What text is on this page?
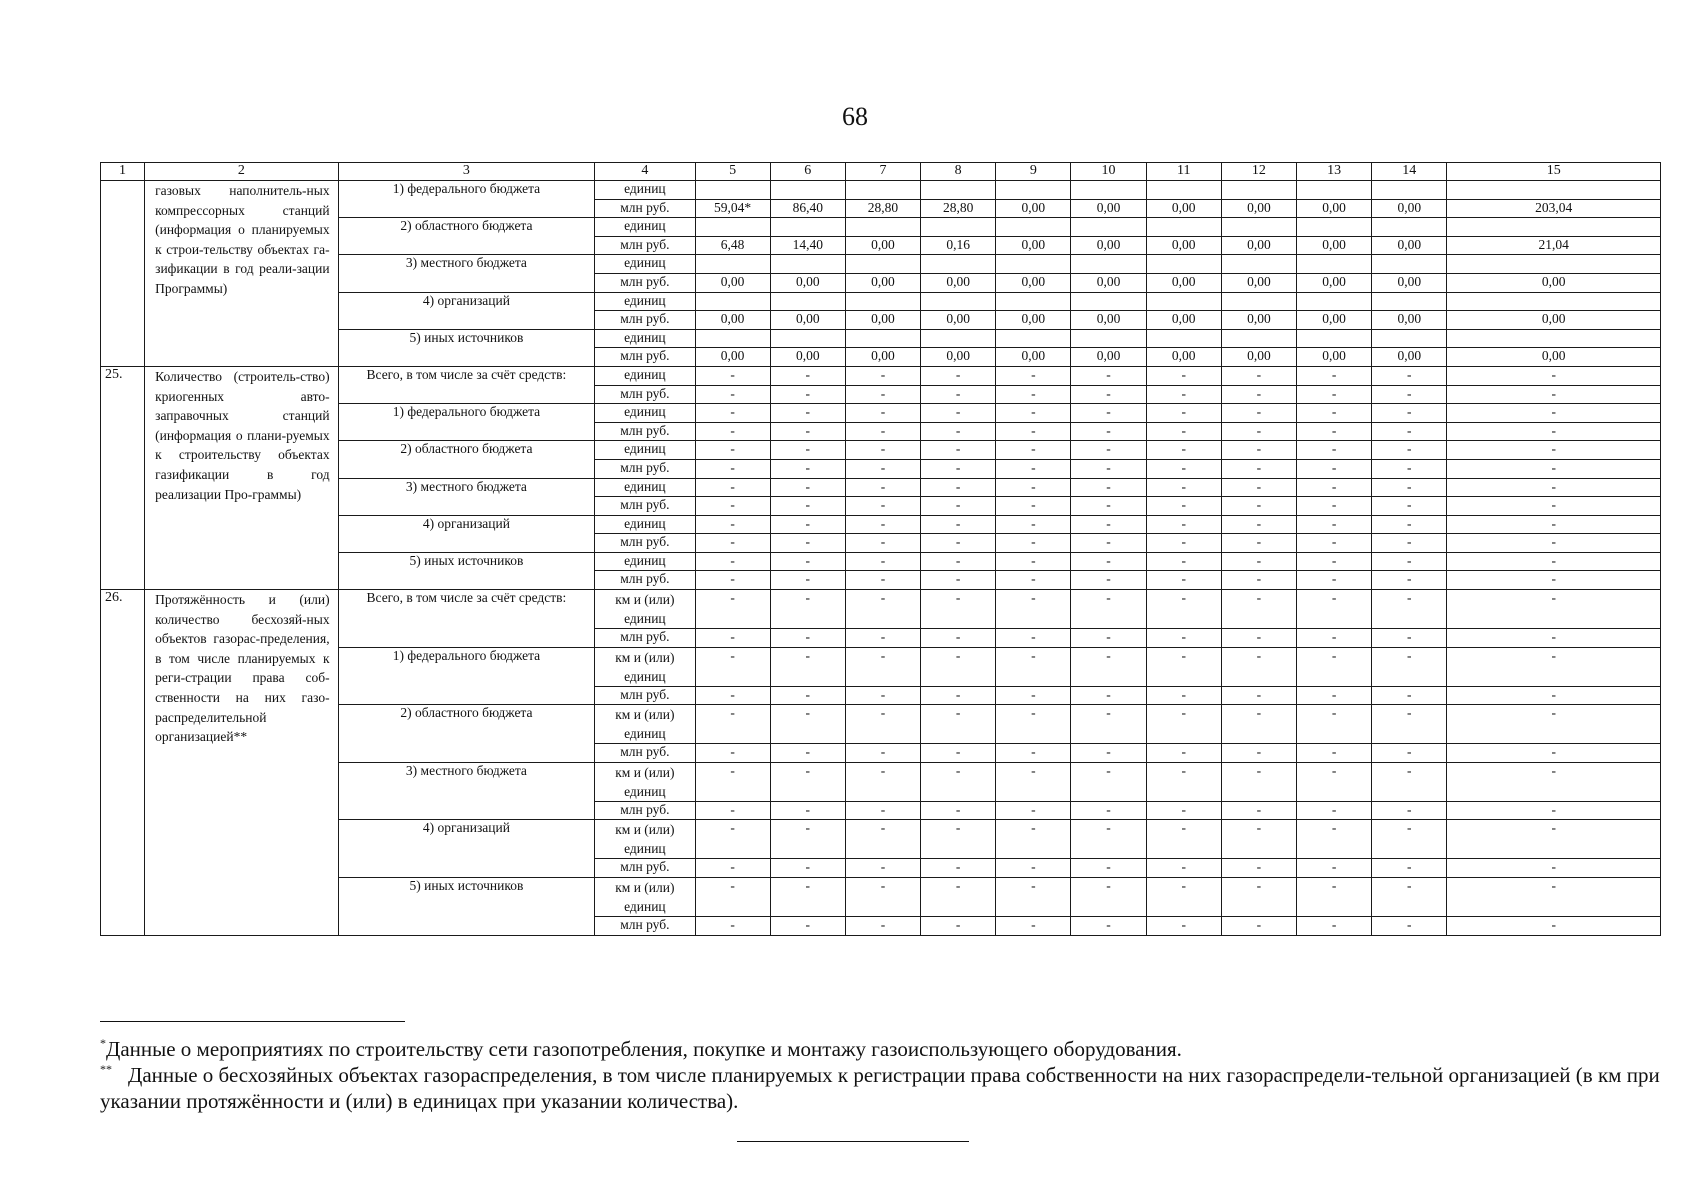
68
1	2	3	4	5	6	7	8	9	10	11	12	13	14	15
	газовых наполнитель-ных компрессорных станций (информация о планируемых к строи-тельству объектах га-зификации в год реали-зации Программы)	1) федерального бюджета	единиц											
			млн руб.	59,04*	86,40	28,80	28,80	0,00	0,00	0,00	0,00	0,00	0,00	203,04
		2) областного бюджета	единиц											
			млн руб.	6,48	14,40	0,00	0,16	0,00	0,00	0,00	0,00	0,00	0,00	21,04
		3) местного бюджета	единиц											
			млн руб.	0,00	0,00	0,00	0,00	0,00	0,00	0,00	0,00	0,00	0,00	0,00
		4) организаций	единиц											
			млн руб.	0,00	0,00	0,00	0,00	0,00	0,00	0,00	0,00	0,00	0,00	0,00
		5) иных источников	единиц											
			млн руб.	0,00	0,00	0,00	0,00	0,00	0,00	0,00	0,00	0,00	0,00	0,00
25.	Количество (строитель-ство) криогенных авто-заправочных станций (информация о плани-руемых к строительству объектах газификации в год реализации Про-граммы)	Всего, в том числе за счёт средств:	единиц	-	-	-	-	-	-	-	-	-	-	-
			млн руб.	-	-	-	-	-	-	-	-	-	-	-
		1) федерального бюджета	единиц	-	-	-	-	-	-	-	-	-	-	-
			млн руб.	-	-	-	-	-	-	-	-	-	-	-
		2) областного бюджета	единиц	-	-	-	-	-	-	-	-	-	-	-
			млн руб.	-	-	-	-	-	-	-	-	-	-	-
		3) местного бюджета	единиц	-	-	-	-	-	-	-	-	-	-	-
			млн руб.	-	-	-	-	-	-	-	-	-	-	-
		4) организаций	единиц	-	-	-	-	-	-	-	-	-	-	-
			млн руб.	-	-	-	-	-	-	-	-	-	-	-
		5) иных источников	единиц	-	-	-	-	-	-	-	-	-	-	-
			млн руб.	-	-	-	-	-	-	-	-	-	-	-
26.	Протяжённость и (или) количество бесхозяй-ных объектов газорас-пределения, в том числе планируемых к реги-страции права соб-ственности на них газо-распределительной организацией**	Всего, в том числе за счёт средств:	км и (или) единиц	-	-	-	-	-	-	-	-	-	-	-
			млн руб.	-	-	-	-	-	-	-	-	-	-	-
		1) федерального бюджета	км и (или) единиц	-	-	-	-	-	-	-	-	-	-	-
			млн руб.	-	-	-	-	-	-	-	-	-	-	-
		2) областного бюджета	км и (или) единиц	-	-	-	-	-	-	-	-	-	-	-
			млн руб.	-	-	-	-	-	-	-	-	-	-	-
		3) местного бюджета	км и (или) единиц	-	-	-	-	-	-	-	-	-	-	-
			млн руб.	-	-	-	-	-	-	-	-	-	-	-
		4) организаций	км и (или) единиц	-	-	-	-	-	-	-	-	-	-	-
			млн руб.	-	-	-	-	-	-	-	-	-	-	-
		5) иных источников	км и (или) единиц	-	-	-	-	-	-	-	-	-	-	-
			млн руб.	-	-	-	-	-	-	-	-	-	-	-
*Данные о мероприятиях по строительству сети газопотребления, покупке и монтажу газоиспользующего оборудования.
** Данные о бесхозяйных объектах газораспределения, в том числе планируемых к регистрации права собственности на них газораспредели-тельной организацией (в км при указании протяжённости и (или) в единицах при указании количества).
